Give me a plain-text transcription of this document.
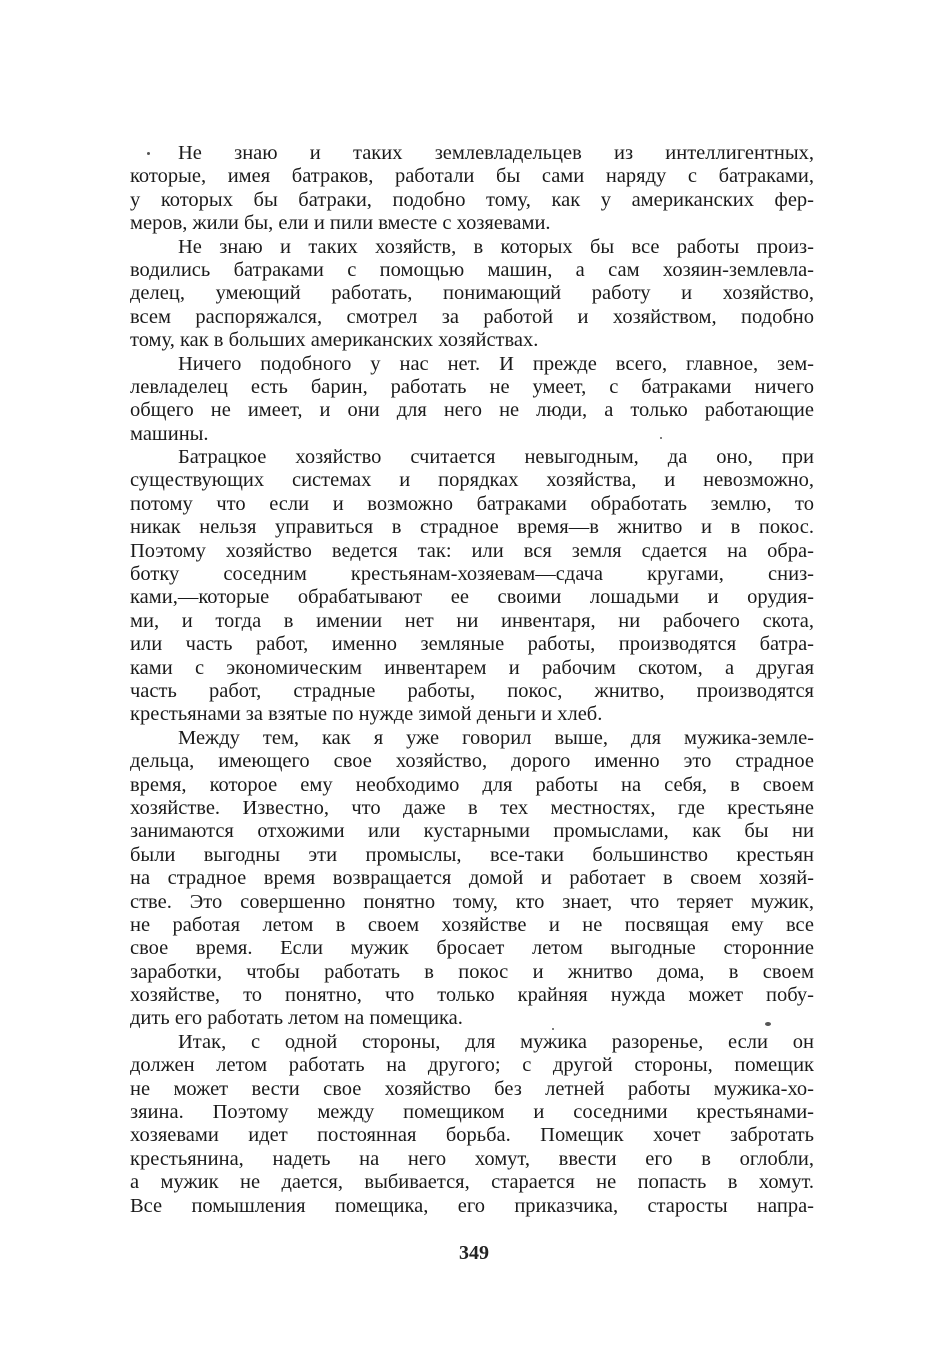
Не знаю и таких землевладельцев из интеллигентных,
которые, имея батраков, работали бы сами наряду с батраками,
у которых бы батраки, подобно тому, как у американских фер-
меров, жили бы, ели и пили вместе с хозяевами.
Не знаю и таких хозяйств, в которых бы все работы произ-
водились батраками с помощью машин, а сам хозяин-землевла-
делец, умеющий работать, понимающий работу и хозяйство,
всем распоряжался, смотрел за работой и хозяйством, подобно
тому, как в больших американских хозяйствах.
Ничего подобного у нас нет. И прежде всего, главное, зем-
левладелец есть барин, работать не умеет, с батраками ничего
общего не имеет, и они для него не люди, а только работающие
машины.
Батрацкое хозяйство считается невыгодным, да оно, при
существующих системах и порядках хозяйства, и невозможно,
потому что если и возможно батраками обработать землю, то
никак нельзя управиться в страдное время—в жнитво и в покос.
Поэтому хозяйство ведется так: или вся земля сдается на обра-
ботку соседним крестьянам-хозяевам—сдача кругами, сниз-
ками,—которые обрабатывают ее своими лошадьми и орудия-
ми, и тогда в имении нет ни инвентаря, ни рабочего скота,
или часть работ, именно земляные работы, производятся батра-
ками с экономическим инвентарем и рабочим скотом, а другая
часть работ, страдные работы, покос, жнитво, производятся
крестьянами за взятые по нужде зимой деньги и хлеб.
Между тем, как я уже говорил выше, для мужика-земле-
дельца, имеющего свое хозяйство, дорого именно это страдное
время, которое ему необходимо для работы на себя, в своем
хозяйстве. Известно, что даже в тех местностях, где крестьяне
занимаются отхожими или кустарными промыслами, как бы ни
были выгодны эти промыслы, все-таки большинство крестьян
на страдное время возвращается домой и работает в своем хозяй-
стве. Это совершенно понятно тому, кто знает, что теряет мужик,
не работая летом в своем хозяйстве и не посвящая ему все
свое время. Если мужик бросает летом выгодные сторонние
заработки, чтобы работать в покос и жнитво дома, в своем
хозяйстве, то понятно, что только крайняя нужда может побу-
дить его работать летом на помещика.
Итак, с одной стороны, для мужика разоренье, если он
должен летом работать на другого; с другой стороны, помещик
не может вести свое хозяйство без летней работы мужика-хо-
зяина. Поэтому между помещиком и соседними крестьянами-
хозяевами идет постоянная борьба. Помещик хочет забротать
крестьянина, надеть на него хомут, ввести его в оглобли,
а мужик не дается, выбивается, старается не попасть в хомут.
Все помышления помещика, его приказчика, старосты напра-
349
